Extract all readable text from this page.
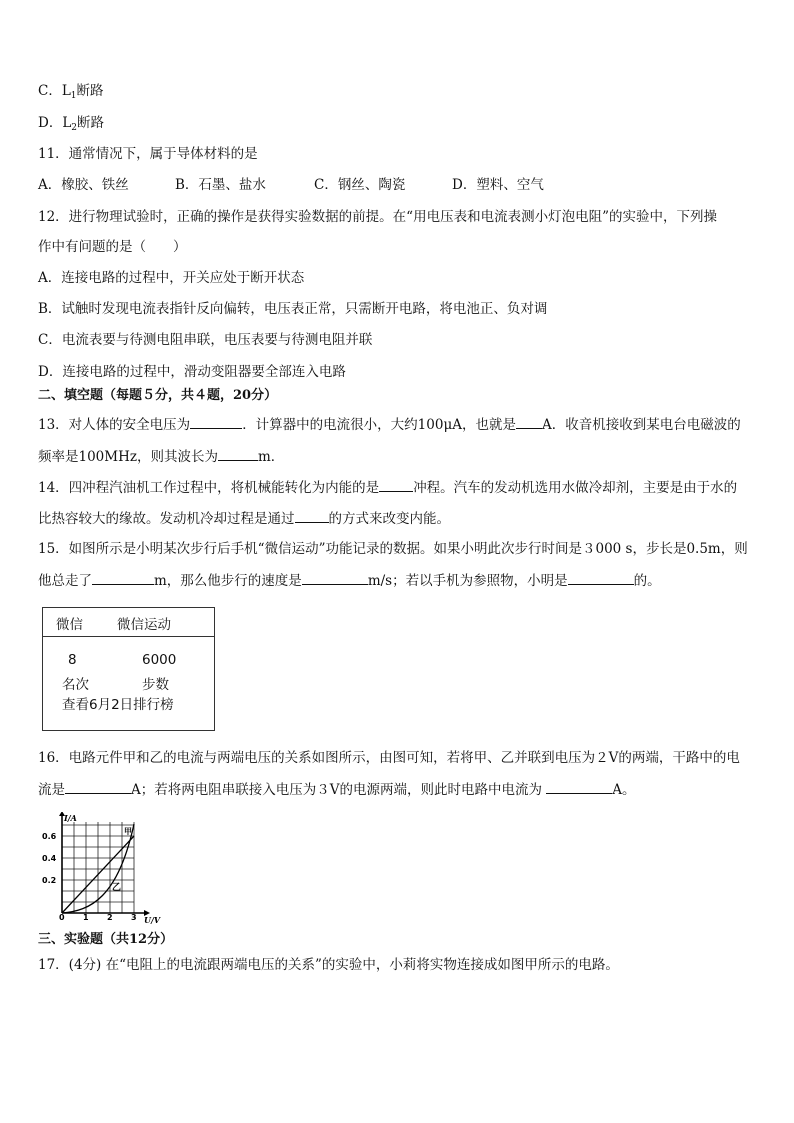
C．$L_1$断路
D．$L_2$断路
11．通常情况下，属于导体材料的是
A．橡胶、铁丝	B．石墨、盐水	C．钢丝、陶瓷	D．塑料、空气
12．进行物理试验时，正确的操作是获得实验数据的前提。在“用电压表和电流表测小灯泡电阻”的实验中，下列操
作中有问题的是（　　）
A．连接电路的过程中，开关应处于断开状态
B．试触时发现电流表指针反向偏转，电压表正常，只需断开电路，将电池正、负对调
C．电流表要与待测电阻串联，电压表要与待测电阻并联
D．连接电路的过程中，滑动变阻器要全部连入电路
二、填空题（每题５分，共４题，20分）
13．对人体的安全电压为	．计算器中的电流很小，大约100μA，也就是 A．收音机接收到某电台电磁波的
频率是100MHz，则其波长为	m．
14．四冲程汽油机工作过程中，将机械能转化为内能的是	冲程。汽车的发动机选用水做冷却剂，主要是由于水的
比热容较大的缘故。发动机冷却过程是通过	的方式来改变内能。
15．如图所示是小明某次步行后手机“微信运动”功能记录的数据。如果小明此次步行时间是３000 s，步长是0.5m，则
他总走了	m，那么他步行的速度是	m/s；若以手机为参照物，小明是	的。
微信	微信运动
8	6000
名次	步数
查看6月2日排行榜
16．电路元件甲和乙的电流与两端电压的关系如图所示，由图可知，若将甲、乙并联到电压为２V的两端，干路中的电
流是	A；若将两电阻串联接入电压为３V的电源两端，则此时电路中电流为	A。
I/A
U/V
0.6
0.4
0.2
0 1 2 3
甲
乙
三、实验题（共12分）
17．(4分) 在“电阻上的电流跟两端电压的关系”的实验中，小莉将实物连接成如图甲所示的电路。
